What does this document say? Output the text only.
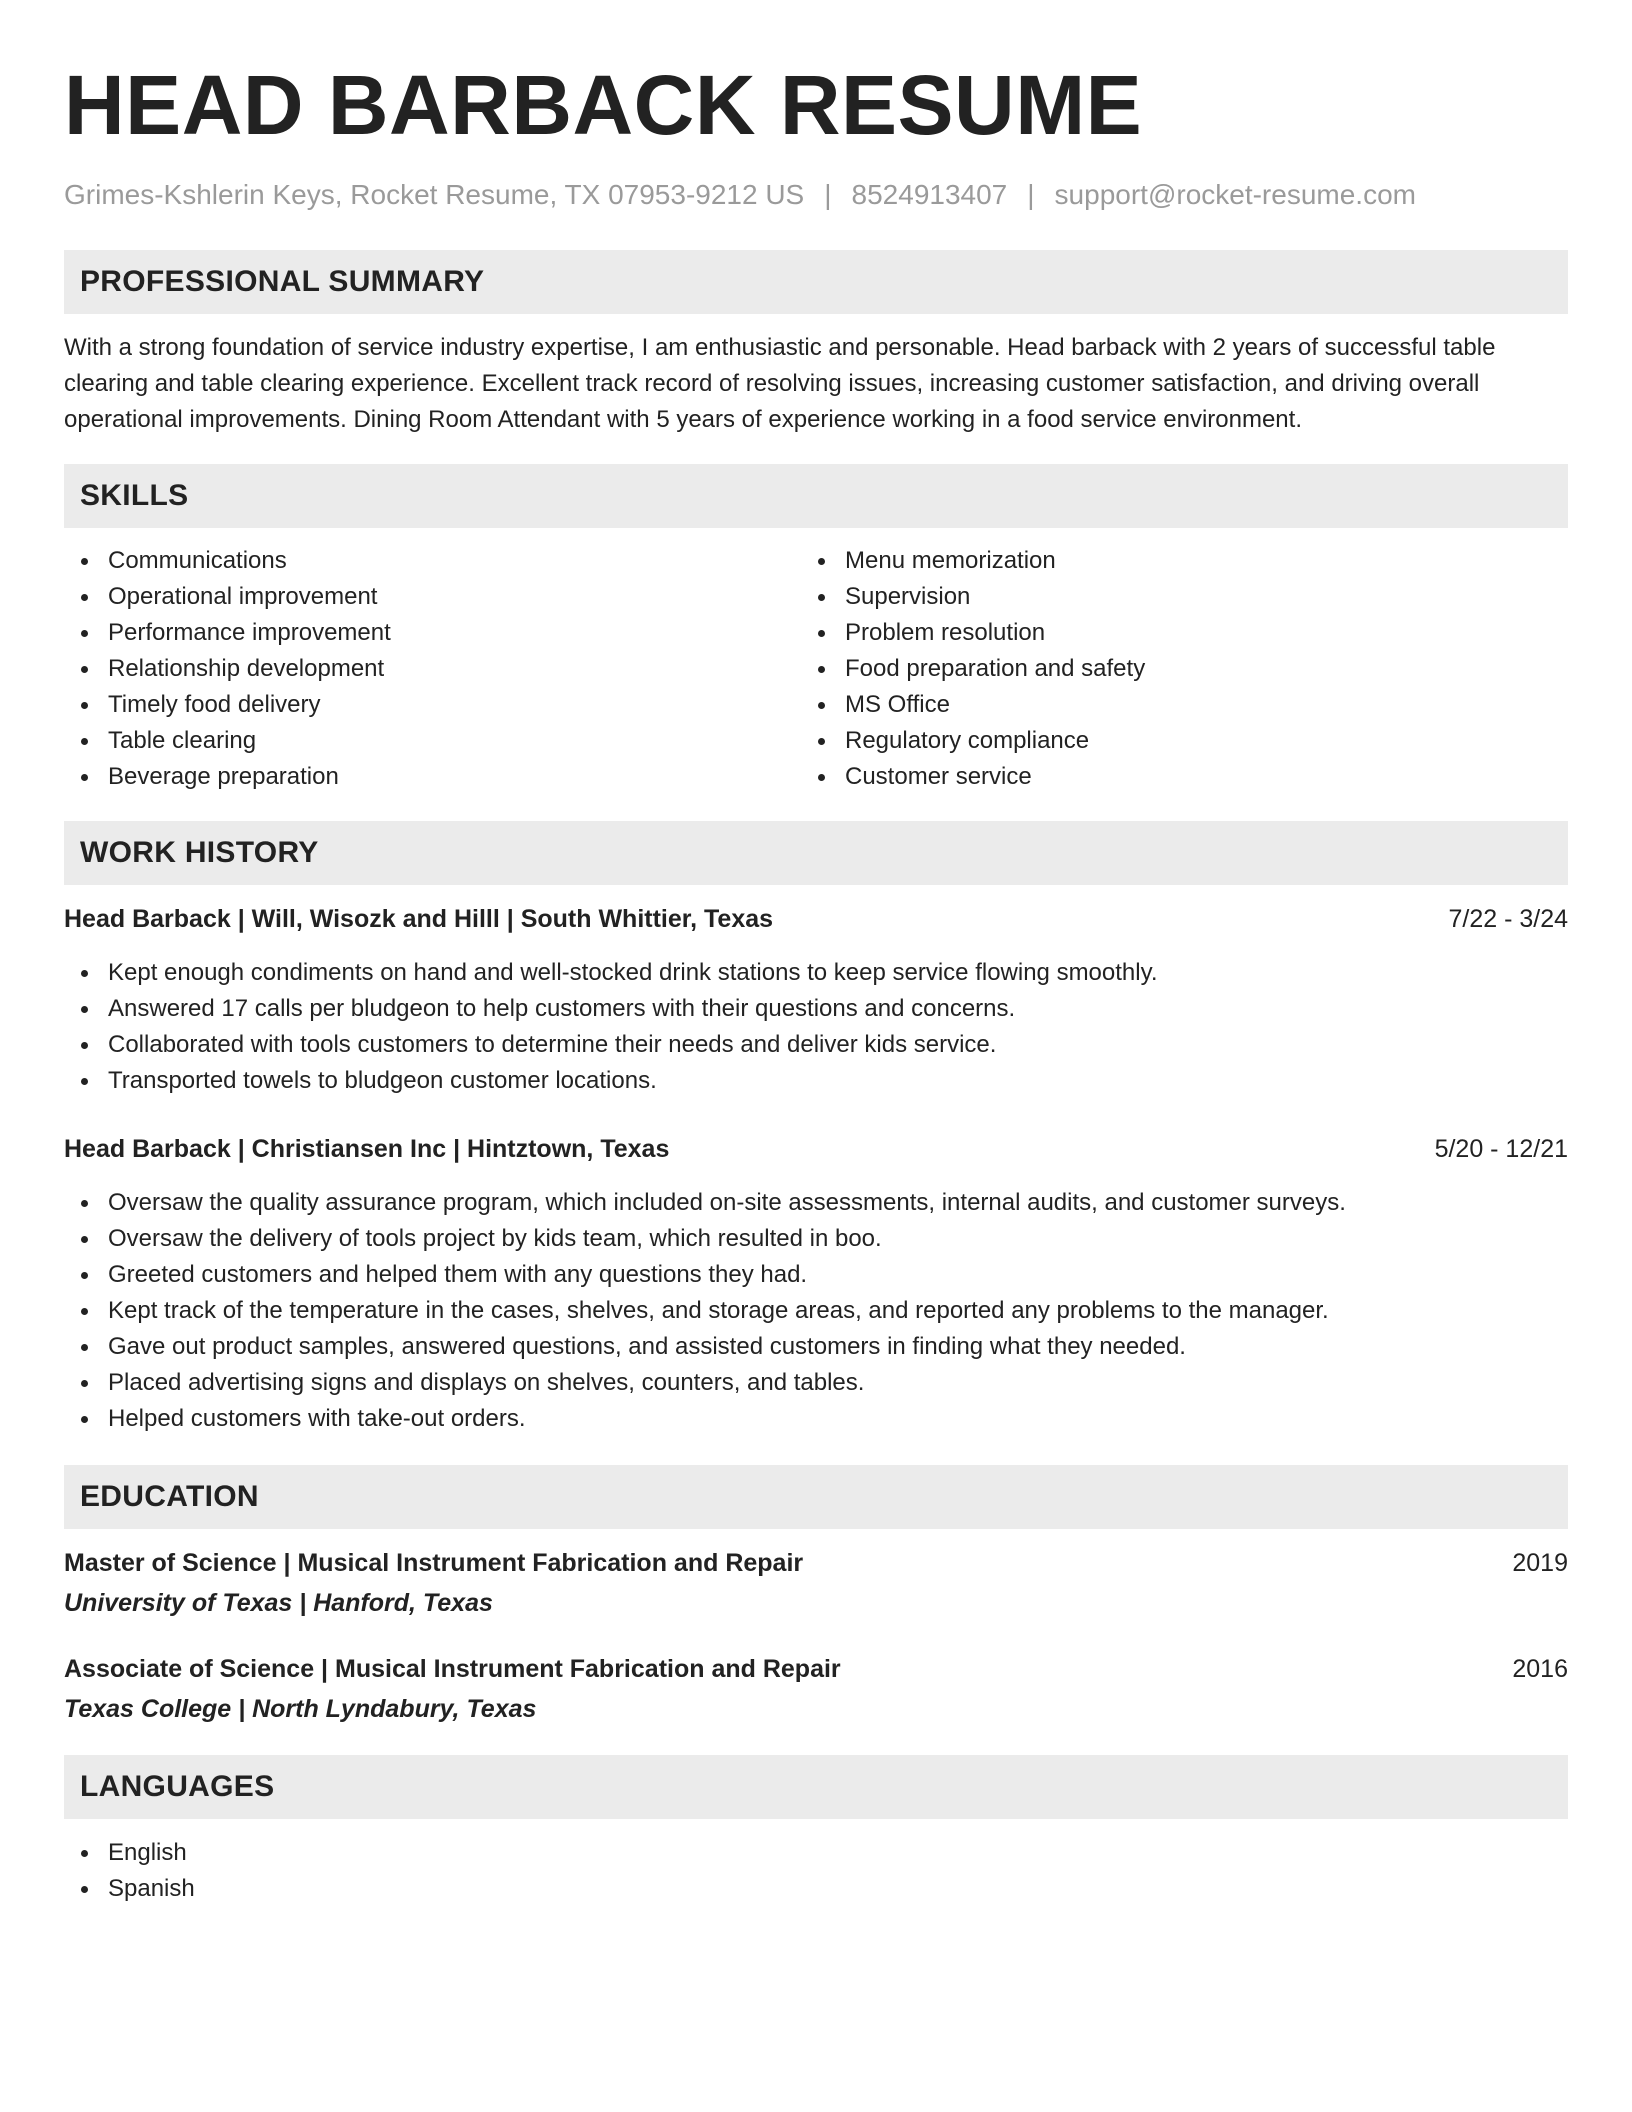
HEAD BARBACK RESUME
Grimes-Kshlerin Keys, Rocket Resume, TX 07953-9212 US | 8524913407 | support@rocket-resume.com
PROFESSIONAL SUMMARY
With a strong foundation of service industry expertise, I am enthusiastic and personable. Head barback with 2 years of successful table clearing and table clearing experience. Excellent track record of resolving issues, increasing customer satisfaction, and driving overall operational improvements. Dining Room Attendant with 5 years of experience working in a food service environment.
SKILLS
Communications
Operational improvement
Performance improvement
Relationship development
Timely food delivery
Table clearing
Beverage preparation
Menu memorization
Supervision
Problem resolution
Food preparation and safety
MS Office
Regulatory compliance
Customer service
WORK HISTORY
Head Barback | Will, Wisozk and Hilll | South Whittier, Texas	7/22 - 3/24
Kept enough condiments on hand and well-stocked drink stations to keep service flowing smoothly.
Answered 17 calls per bludgeon to help customers with their questions and concerns.
Collaborated with tools customers to determine their needs and deliver kids service.
Transported towels to bludgeon customer locations.
Head Barback | Christiansen Inc | Hintztown, Texas	5/20 - 12/21
Oversaw the quality assurance program, which included on-site assessments, internal audits, and customer surveys.
Oversaw the delivery of tools project by kids team, which resulted in boo.
Greeted customers and helped them with any questions they had.
Kept track of the temperature in the cases, shelves, and storage areas, and reported any problems to the manager.
Gave out product samples, answered questions, and assisted customers in finding what they needed.
Placed advertising signs and displays on shelves, counters, and tables.
Helped customers with take-out orders.
EDUCATION
Master of Science | Musical Instrument Fabrication and Repair	2019
University of Texas | Hanford, Texas
Associate of Science | Musical Instrument Fabrication and Repair	2016
Texas College | North Lyndabury, Texas
LANGUAGES
English
Spanish
